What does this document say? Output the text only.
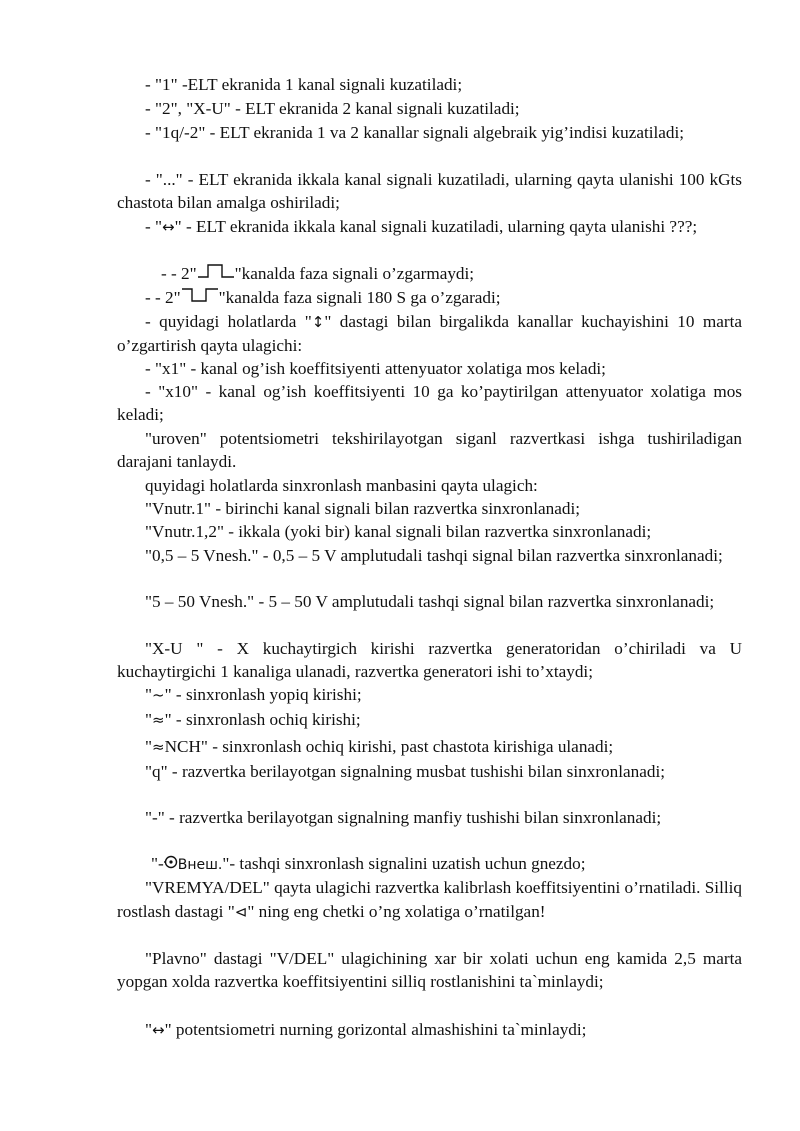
- "1" -ELT ekranida 1 kanal signali kuzatiladi;

- "2", "X-U" - ELT ekranida 2 kanal signali kuzatiladi;

- "1q/-2" - ELT ekranida 1 va 2 kanallar signali algebraik yig’indisi kuzatiladi;

- "..." - ELT ekranida ikkala kanal signali kuzatiladi, ularning qayta ulanishi 100 kGts chastota bilan amalga oshiriladi;

- "↔" - ELT ekranida ikkala kanal signali kuzatiladi, ularning qayta ulanishi ???;

- - 2" "kanalda faza signali o’zgarmaydi;

- - 2" "kanalda faza signali 180 S ga o’zgaradi;

- quyidagi holatlarda "↕" dastagi bilan birgalikda kanallar kuchayishini 10 marta o’zgartirish qayta ulagichi:

- "x1" - kanal og’ish koeffitsiyenti attenyuator xolatiga mos keladi;

- "x10" - kanal og’ish koeffitsiyenti 10 ga ko’paytirilgan attenyuator xolatiga mos keladi;

"uroven" potentsiometri tekshirilayotgan siganl razvertkasi ishga tushiriladigan darajani tanlaydi.

quyidagi holatlarda sinxronlash manbasini qayta ulagich:

"Vnutr.1" - birinchi kanal signali bilan razvertka sinxronlanadi;

"Vnutr.1,2" - ikkala (yoki bir) kanal signali bilan razvertka sinxronlanadi;

"0,5 – 5 Vnesh." - 0,5 – 5 V amplutudali tashqi signal bilan razvertka sinxronlanadi;

"5 – 50 Vnesh." - 5 – 50 V amplutudali tashqi signal bilan razvertka sinxronlanadi;

"X-U " - X kuchaytirgich kirishi razvertka generatoridan o’chiriladi va U kuchaytirgichi 1 kanaliga ulanadi, razvertka generatori ishi to’xtaydi;

"~" - sinxronlash yopiq kirishi;

"≈" - sinxronlash ochiq kirishi;

"≈NCH" - sinxronlash ochiq kirishi, past chastota kirishiga ulanadi;

"q" - razvertka berilayotgan signalning musbat tushishi bilan sinxronlanadi;

"-" - razvertka berilayotgan signalning manfiy tushishi bilan sinxronlanadi;

"- Внеш."- tashqi sinxronlash signalini uzatish uchun gnezdo;

"VREMYA/DEL" qayta ulagichi razvertka kalibrlash koeffitsiyentini o’rnatiladi. Silliq rostlash dastagi "⊲" ning eng chetki o’ng xolatiga o’rnatilgan!

"Plavno" dastagi "V/DEL" ulagichining xar bir xolati uchun eng kamida 2,5 marta yopgan xolda razvertka koeffitsiyentini silliq rostlanishini ta`minlaydi;

"↔" potentsiometri nurning gorizontal almashishini ta`minlaydi;
